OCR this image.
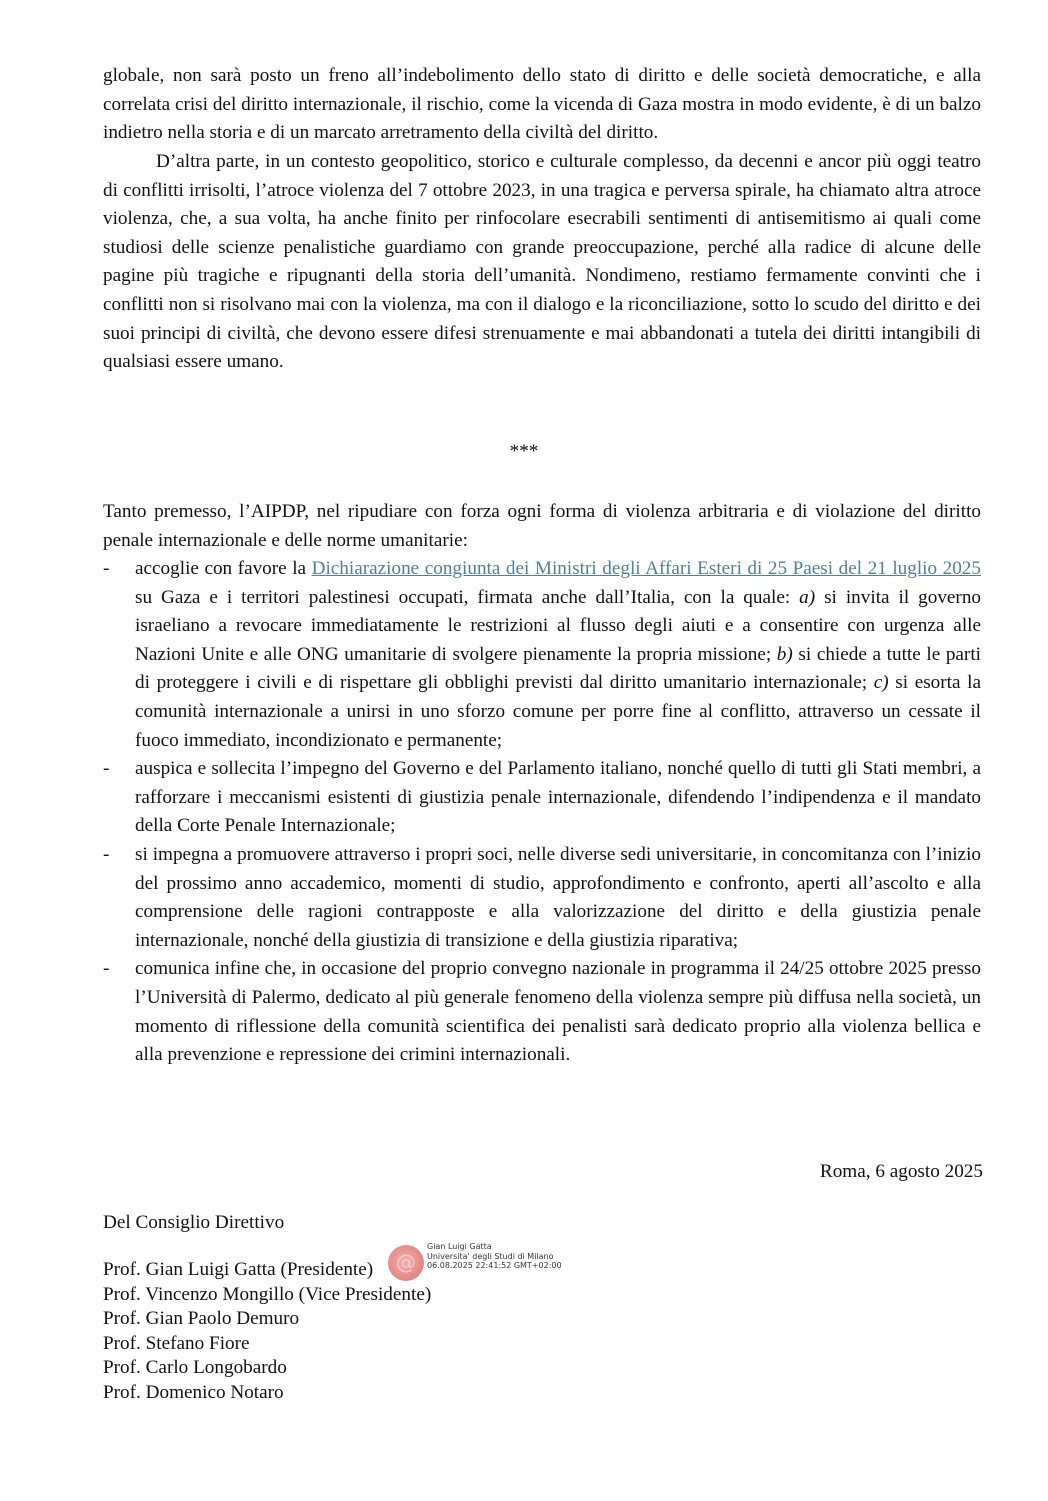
globale, non sarà posto un freno all’indebolimento dello stato di diritto e delle società democratiche, e alla correlata crisi del diritto internazionale, il rischio, come la vicenda di Gaza mostra in modo evidente, è di un balzo indietro nella storia e di un marcato arretramento della civiltà del diritto.
D’altra parte, in un contesto geopolitico, storico e culturale complesso, da decenni e ancor più oggi teatro di conflitti irrisolti, l’atroce violenza del 7 ottobre 2023, in una tragica e perversa spirale, ha chiamato altra atroce violenza, che, a sua volta, ha anche finito per rinfocolare esecrabili sentimenti di antisemitismo ai quali come studiosi delle scienze penalistiche guardiamo con grande preoccupazione, perché alla radice di alcune delle pagine più tragiche e ripugnanti della storia dell’umanità. Nondimeno, restiamo fermamente convinti che i conflitti non si risolvano mai con la violenza, ma con il dialogo e la riconciliazione, sotto lo scudo del diritto e dei suoi principi di civiltà, che devono essere difesi strenuamente e mai abbandonati a tutela dei diritti intangibili di qualsiasi essere umano.
***
Tanto premesso, l’AIPDP, nel ripudiare con forza ogni forma di violenza arbitraria e di violazione del diritto penale internazionale e delle norme umanitarie:
- accoglie con favore la Dichiarazione congiunta dei Ministri degli Affari Esteri di 25 Paesi del 21 luglio 2025 su Gaza e i territori palestinesi occupati, firmata anche dall’Italia, con la quale: a) si invita il governo israeliano a revocare immediatamente le restrizioni al flusso degli aiuti e a consentire con urgenza alle Nazioni Unite e alle ONG umanitarie di svolgere pienamente la propria missione; b) si chiede a tutte le parti di proteggere i civili e di rispettare gli obblighi previsti dal diritto umanitario internazionale; c) si esorta la comunità internazionale a unirsi in uno sforzo comune per porre fine al conflitto, attraverso un cessate il fuoco immediato, incondizionato e permanente;
- auspica e sollecita l’impegno del Governo e del Parlamento italiano, nonché quello di tutti gli Stati membri, a rafforzare i meccanismi esistenti di giustizia penale internazionale, difendendo l’indipendenza e il mandato della Corte Penale Internazionale;
- si impegna a promuovere attraverso i propri soci, nelle diverse sedi universitarie, in concomitanza con l’inizio del prossimo anno accademico, momenti di studio, approfondimento e confronto, aperti all’ascolto e alla comprensione delle ragioni contrapposte e alla valorizzazione del diritto e della giustizia penale internazionale, nonché della giustizia di transizione e della giustizia riparativa;
- comunica infine che, in occasione del proprio convegno nazionale in programma il 24/25 ottobre 2025 presso l’Università di Palermo, dedicato al più generale fenomeno della violenza sempre più diffusa nella società, un momento di riflessione della comunità scientifica dei penalisti sarà dedicato proprio alla violenza bellica e alla prevenzione e repressione dei crimini internazionali.
Roma, 6 agosto 2025
Del Consiglio Direttivo
Prof. Gian Luigi Gatta (Presidente)
Prof. Vincenzo Mongillo (Vice Presidente)
Prof. Gian Paolo Demuro
Prof. Stefano Fiore
Prof. Carlo Longobardo
Prof. Domenico Notaro
@
Gian Luigi Gatta
Universita' degli Studi di Milano
06.08.2025 22:41:52 GMT+02:00
